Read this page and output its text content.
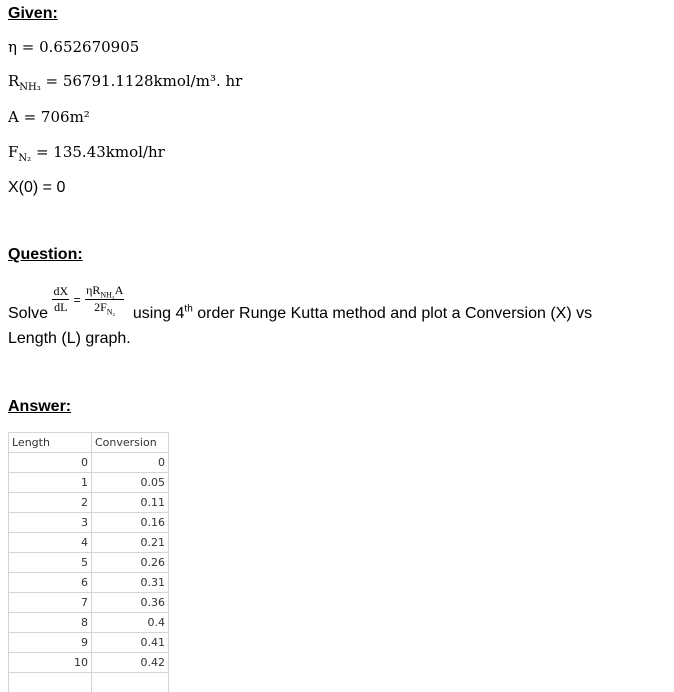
Given:
η = 0.652670905
$R_{NH_3}$ = 56791.1128kmol/m³. hr
A = 706m²
$F_{N_2}$ = 135.43kmol/hr
X(0) = 0
Question:
Solve $\frac{dX}{dL} = \frac{\eta R_{NH_3}A}{2F_{N_2}}$ using 4th order Runge Kutta method and plot a Conversion (X) vs
Length (L) graph.
Answer:
Length	Conversion
0	0
1	0.05
2	0.11
3	0.16
4	0.21
5	0.26
6	0.31
7	0.36
8	0.4
9	0.41
10	0.42
